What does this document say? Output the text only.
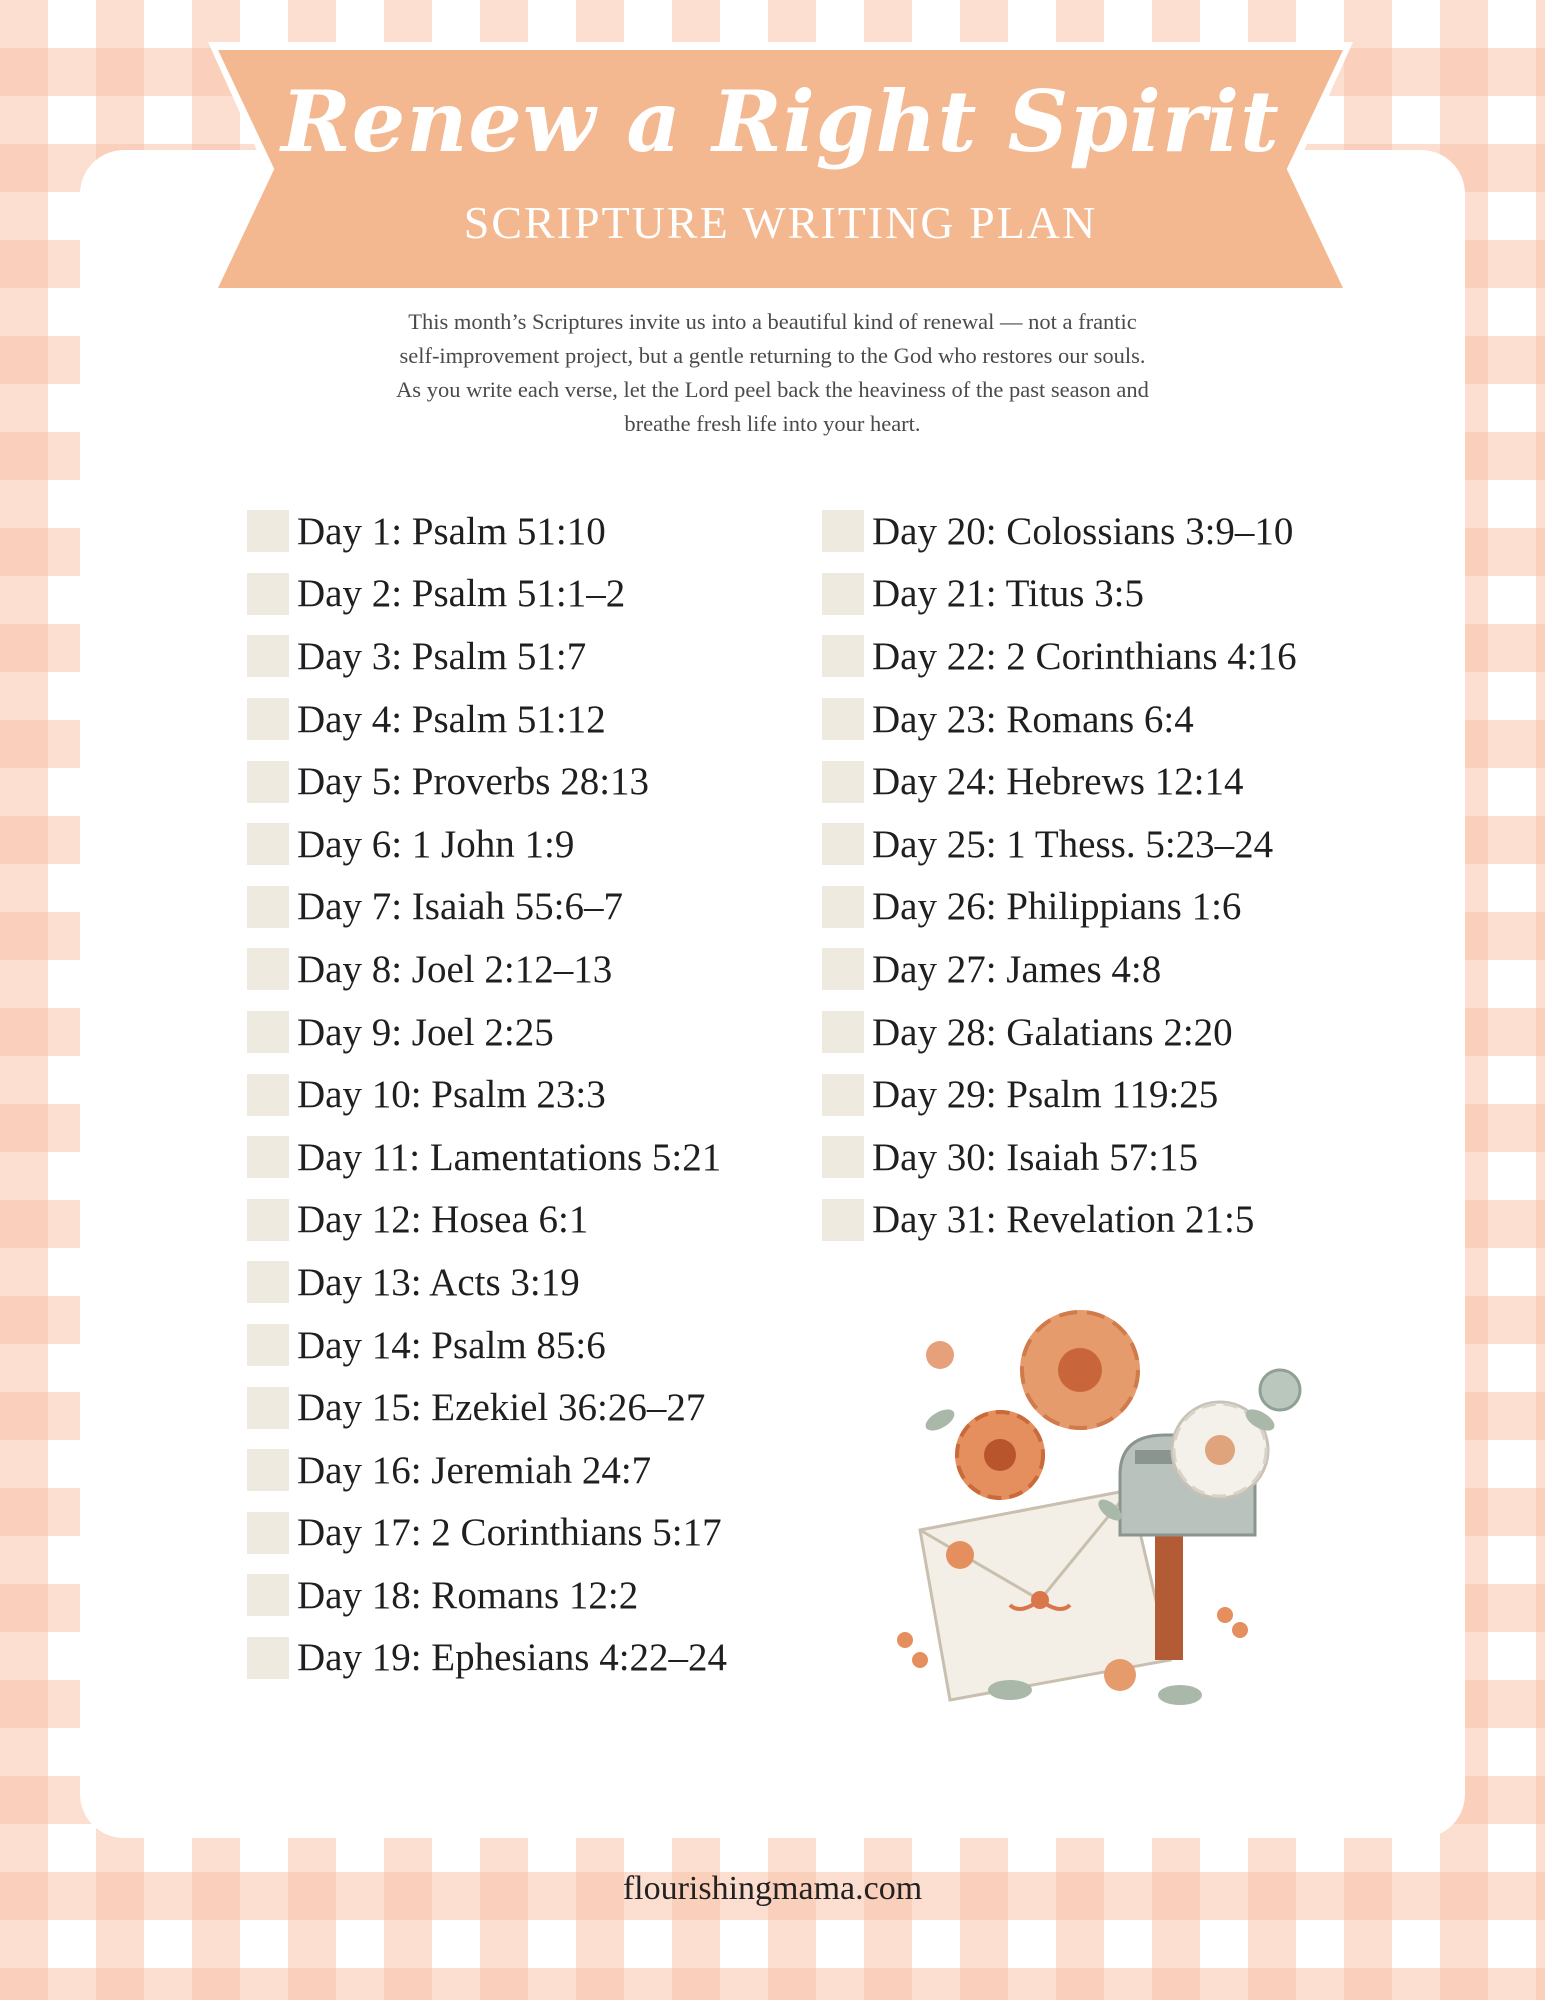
Renew a Right Spirit
SCRIPTURE WRITING PLAN
This month’s Scriptures invite us into a beautiful kind of renewal — not a frantic
self-improvement project, but a gentle returning to the God who restores our souls.
As you write each verse, let the Lord peel back the heaviness of the past season and
breathe fresh life into your heart.
Day 1: Psalm 51:10
Day 2: Psalm 51:1–2
Day 3: Psalm 51:7
Day 4: Psalm 51:12
Day 5: Proverbs 28:13
Day 6: 1 John 1:9
Day 7: Isaiah 55:6–7
Day 8: Joel 2:12–13
Day 9: Joel 2:25
Day 10: Psalm 23:3
Day 11: Lamentations 5:21
Day 12: Hosea 6:1
Day 13: Acts 3:19
Day 14: Psalm 85:6
Day 15: Ezekiel 36:26–27
Day 16: Jeremiah 24:7
Day 17: 2 Corinthians 5:17
Day 18: Romans 12:2
Day 19: Ephesians 4:22–24
Day 20: Colossians 3:9–10
Day 21: Titus 3:5
Day 22: 2 Corinthians 4:16
Day 23: Romans 6:4
Day 24: Hebrews 12:14
Day 25: 1 Thess. 5:23–24
Day 26: Philippians 1:6
Day 27: James 4:8
Day 28: Galatians 2:20
Day 29: Psalm 119:25
Day 30: Isaiah 57:15
Day 31: Revelation 21:5
flourishingmama.com
